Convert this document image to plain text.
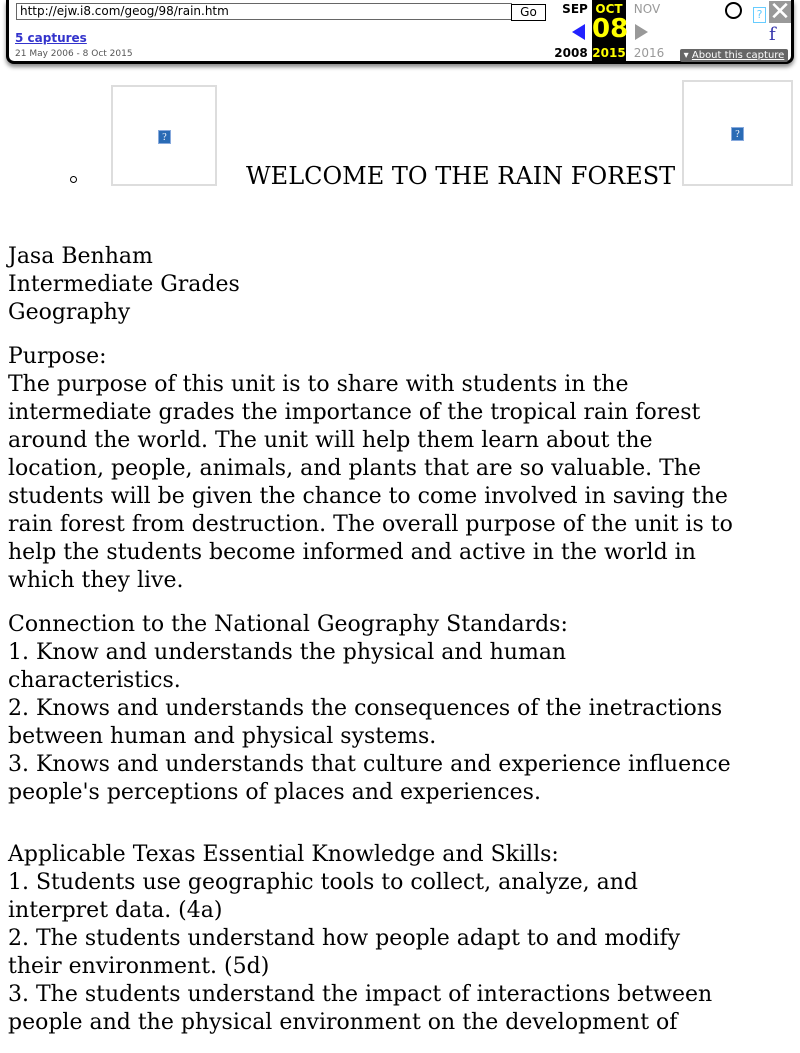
http://ejw.i8.com/geog/98/rain.htm	Go
5 captures
21 May 2006 - 8 Oct 2015
SEP OCT NOV
08
2008 2015 2016	▾ About this capture
? ✕
f
?
WELCOME TO THE RAIN FOREST
?
Jasa Benham
Intermediate Grades
Geography
Purpose:
The purpose of this unit is to share with students in the
intermediate grades the importance of the tropical rain forest
around the world. The unit will help them learn about the
location, people, animals, and plants that are so valuable. The
students will be given the chance to come involved in saving the
rain forest from destruction. The overall purpose of the unit is to
help the students become informed and active in the world in
which they live.
Connection to the National Geography Standards:
1. Know and understands the physical and human
characteristics.
2. Knows and understands the consequences of the inetractions
between human and physical systems.
3. Knows and understands that culture and experience influence
people's perceptions of places and experiences.
Applicable Texas Essential Knowledge and Skills:
1. Students use geographic tools to collect, analyze, and
interpret data. (4a)
2. The students understand how people adapt to and modify
their environment. (5d)
3. The students understand the impact of interactions between
people and the physical environment on the development of
